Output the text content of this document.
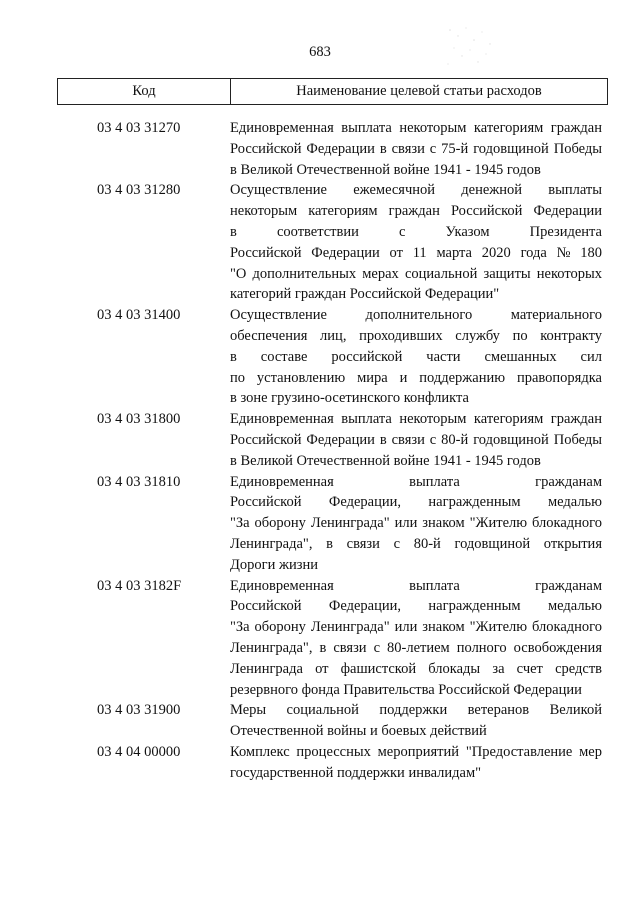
683
Код	Наименование целевой статьи расходов
03 4 03 31270	Единовременная выплата некоторым категориям граждан
Российской Федерации в связи с 75-й годовщиной Победы
в Великой Отечественной войне 1941 - 1945 годов
03 4 03 31280	Осуществление ежемесячной денежной выплаты
некоторым категориям граждан Российской Федерации
в соответствии с Указом Президента
Российской Федерации от 11 марта 2020 года № 180
"О дополнительных мерах социальной защиты некоторых
категорий граждан Российской Федерации"
03 4 03 31400	Осуществление дополнительного материального
обеспечения лиц, проходивших службу по контракту
в составе российской части смешанных сил
по установлению мира и поддержанию правопорядка
в зоне грузино-осетинского конфликта
03 4 03 31800	Единовременная выплата некоторым категориям граждан
Российской Федерации в связи с 80-й годовщиной Победы
в Великой Отечественной войне 1941 - 1945 годов
03 4 03 31810	Единовременная выплата гражданам
Российской Федерации, награжденным медалью
"За оборону Ленинграда" или знаком "Жителю блокадного
Ленинграда", в связи с 80-й годовщиной открытия
Дороги жизни
03 4 03 3182F	Единовременная выплата гражданам
Российской Федерации, награжденным медалью
"За оборону Ленинграда" или знаком "Жителю блокадного
Ленинграда", в связи с 80-летием полного освобождения
Ленинграда от фашистской блокады за счет средств
резервного фонда Правительства Российской Федерации
03 4 03 31900	Меры социальной поддержки ветеранов Великой
Отечественной войны и боевых действий
03 4 04 00000	Комплекс процессных мероприятий "Предоставление мер
государственной поддержки инвалидам"
